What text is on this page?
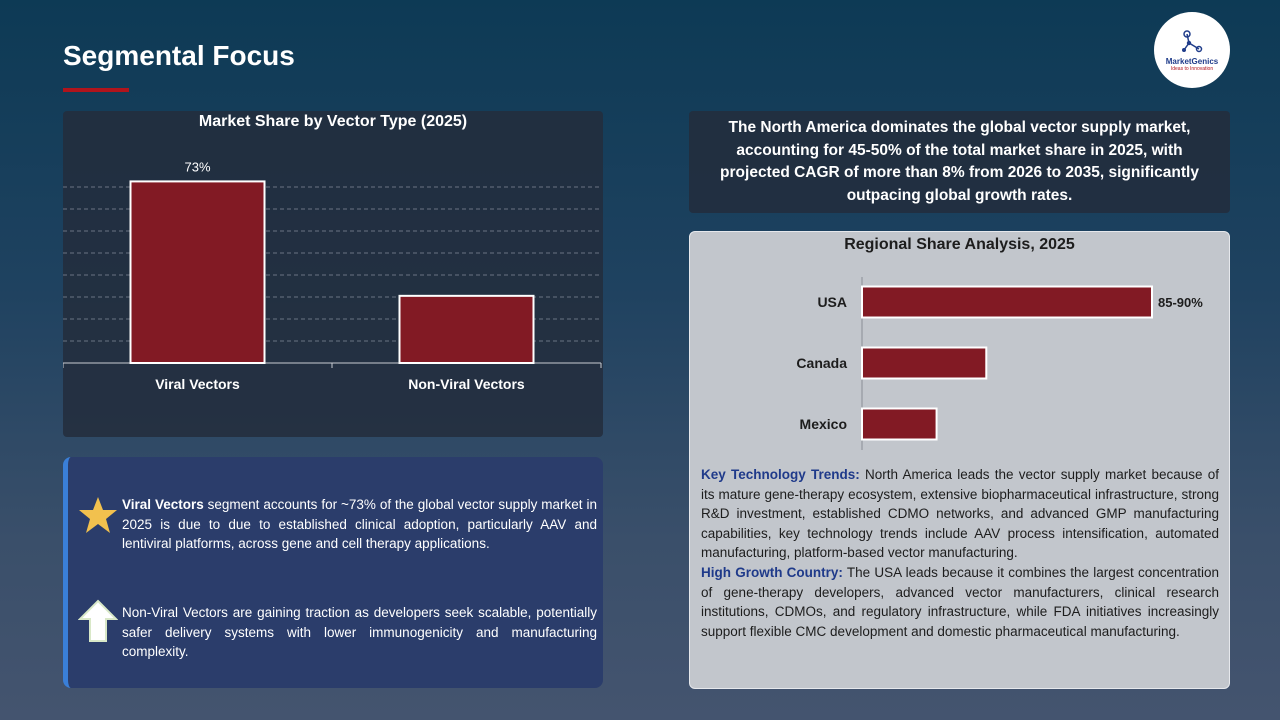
Segmental Focus	MarketGenics
Ideas to Innovation
Viral Vectors
73%
Non-Viral Vectors
Market Share by Vector Type (2025)
Viral Vectors segment accounts for ~73% of the global vector supply market in 2025 is due to due to established clinical adoption, particularly AAV and lentiviral platforms, across gene and cell therapy applications.
Non-Viral Vectors are gaining traction as developers seek scalable, potentially safer delivery systems with lower immunogenicity and manufacturing complexity.
The North America dominates the global vector supply market, accounting for 45-50% of the total market share in 2025, with projected CAGR of more than 8% from 2026 to 2035, significantly outpacing global growth rates.
USA	85-90%
Canada
Mexico
Regional Share Analysis, 2025
Key Technology Trends: North America leads the vector supply market because of its mature gene-therapy ecosystem, extensive biopharmaceutical infrastructure, strong R&D investment, established CDMO networks, and advanced GMP manufacturing capabilities, key technology trends include AAV process intensification, automated manufacturing, platform-based vector manufacturing.
High Growth Country: The USA leads because it combines the largest concentration of gene-therapy developers, advanced vector manufacturers, clinical research institutions, CDMOs, and regulatory infrastructure, while FDA initiatives increasingly support flexible CMC development and domestic pharmaceutical manufacturing.
